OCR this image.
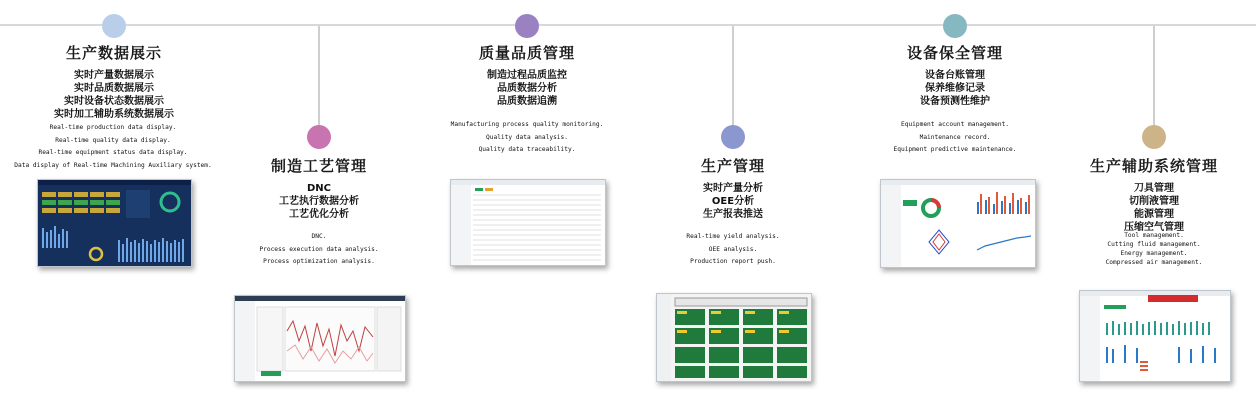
生产数据展示
实时产量数据展示
实时品质数据展示
实时设备状态数据展示
实时加工辅助系统数据展示
Real-time production data display.
Real-time quality data display.
Real-time equipment status data display.
Data display of Real-time Machining Auxiliary system.	制造工艺管理
DNC
工艺执行数据分析
工艺优化分析
DNC.
Process execution data analysis.
Process optimization analysis.
质量品质管理
制造过程品质监控
品质数据分析
品质数据追溯
Manufacturing process quality monitoring.
Quality data analysis.
Quality data traceability.
生产管理
实时产量分析
OEE分析
生产报表推送
Real-time yield analysis.
OEE analysis.
Production report push.
设备保全管理
设备台账管理
保养维修记录
设备预测性维护
Equipment account management.
Maintenance record.
Equipment predictive maintenance.
生产辅助系统管理
刀具管理
切削液管理
能源管理
压缩空气管理
Tool management.
Cutting fluid management.
Energy management.
Compressed air management.
